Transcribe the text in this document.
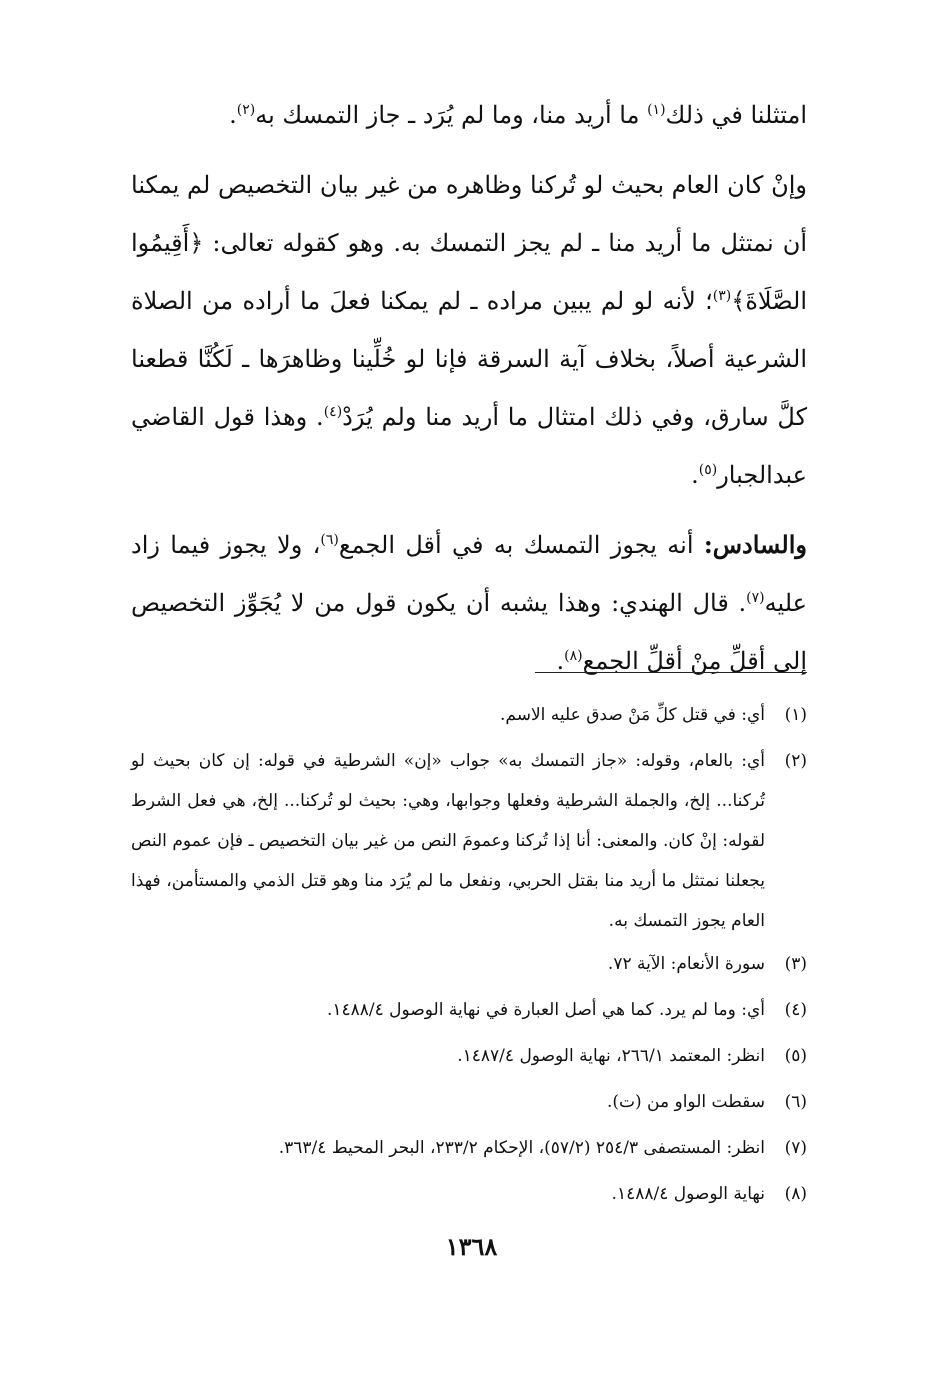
امتثلنا في ذلك$^{(١)}$ ما أريد منا، وما لم يُرَد ـ جاز التمسك به$^{(٢)}$.

وإنْ كان العام بحيث لو تُركنا وظاهره من غير بيان التخصيص لم يمكنا أن نمتثل ما أريد منا ـ لم يجز التمسك به. وهو كقوله تعالى: ﴿أَقِيمُوا الصَّلَاةَ﴾$^{(٣)}$؛ لأنه لو لم يبين مراده ـ لم يمكنا فعلَ ما أراده من الصلاة الشرعية أصلاً، بخلاف آية السرقة فإنا لو خُلِّينا وظاهرَها ـ لَكُنَّا قطعنا كلَّ سارق، وفي ذلك امتثال ما أريد منا ولم يُرَدْ$^{(٤)}$. وهذا قول القاضي عبدالجبار$^{(٥)}$.

والسادس: أنه يجوز التمسك به في أقل الجمع$^{(٦)}$، ولا يجوز فيما زاد عليه$^{(٧)}$. قال الهندي: وهذا يشبه أن يكون قول من لا يُجَوِّز التخصيص إلى أقلِّ مِنْ أقلِّ الجمع$^{(٨)}$.

(١)
أي: في قتل كلِّ مَنْ صدق عليه الاسم.
(٢)
أي: بالعام، وقوله: «جاز التمسك به» جواب «إن» الشرطية في قوله: إن كان بحيث لو تُركنا... إلخ، والجملة الشرطية وفعلها وجوابها، وهي: بحيث لو تُركنا... إلخ، هي فعل الشرط لقوله: إنْ كان. والمعنى: أنا إذا تُركنا وعمومَ النص من غير بيان التخصيص ـ فإن عموم النص يجعلنا نمتثل ما أريد منا بقتل الحربي، ونفعل ما لم يُرَد منا وهو قتل الذمي والمستأمن، فهذا العام يجوز التمسك به.
(٣)
سورة الأنعام: الآية ٧٢.
(٤)
أي: وما لم يرد. كما هي أصل العبارة في نهاية الوصول ١٤٨٨/٤.
(٥)
انظر: المعتمد ٢٦٦/١، نهاية الوصول ١٤٨٧/٤.
(٦)
سقطت الواو من (ت).
(٧)
انظر: المستصفى ٢٥٤/٣ (٥٧/٢)، الإحكام ٢٣٣/٢، البحر المحيط ٣٦٣/٤.
(٨)
نهاية الوصول ١٤٨٨/٤.
١٣٦٨
